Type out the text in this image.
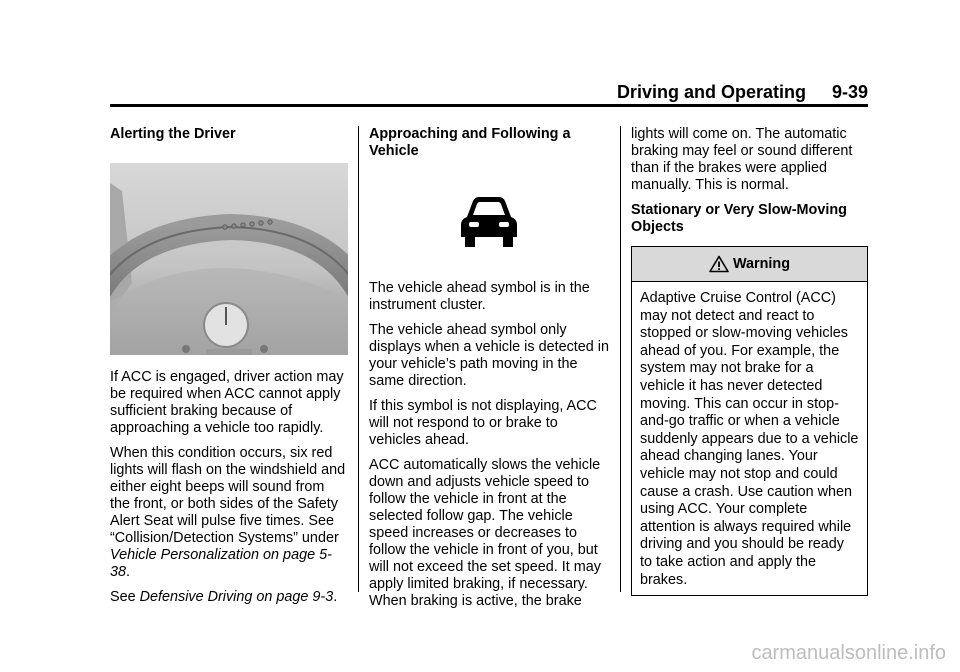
Driving and Operating 9-39
Alerting the Driver

If ACC is engaged, driver action may be required when ACC cannot apply sufficient braking because of approaching a vehicle too rapidly.

When this condition occurs, six red lights will flash on the windshield and either eight beeps will sound from the front, or both sides of the Safety Alert Seat will pulse five times. See “Collision/Detection Systems” under Vehicle Personalization on page 5-38.

See Defensive Driving on page 9-3.

Approaching and Following a Vehicle

The vehicle ahead symbol is in the instrument cluster.

The vehicle ahead symbol only displays when a vehicle is detected in your vehicle’s path moving in the same direction.

If this symbol is not displaying, ACC will not respond to or brake to vehicles ahead.

ACC automatically slows the vehicle down and adjusts vehicle speed to follow the vehicle in front at the selected follow gap. The vehicle speed increases or decreases to follow the vehicle in front of you, but will not exceed the set speed. It may apply limited braking, if necessary. When braking is active, the brake

lights will come on. The automatic braking may feel or sound different than if the brakes were applied manually. This is normal.

Stationary or Very Slow-Moving Objects
Warning
Adaptive Cruise Control (ACC) may not detect and react to stopped or slow-moving vehicles ahead of you. For example, the system may not brake for a vehicle it has never detected moving. This can occur in stop-and-go traffic or when a vehicle suddenly appears due to a vehicle ahead changing lanes. Your vehicle may not stop and could cause a crash. Use caution when using ACC. Your complete attention is always required while driving and you should be ready to take action and apply the brakes.
carmanualsonline.info
